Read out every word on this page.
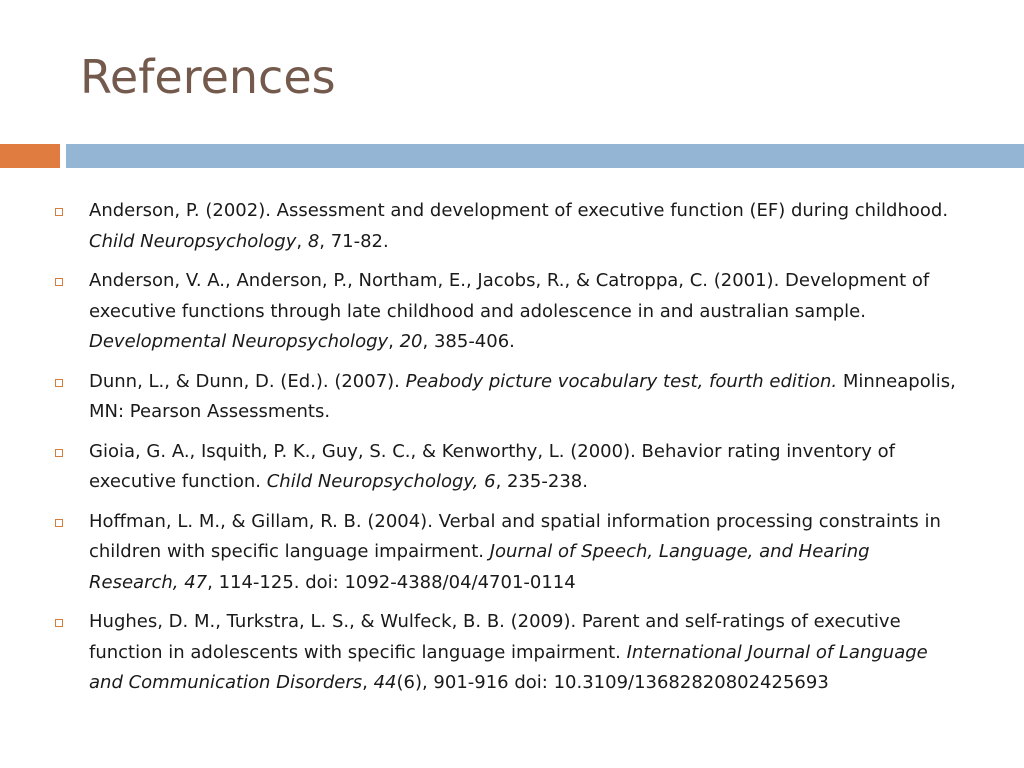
References
Anderson, P. (2002). Assessment and development of executive function (EF) during childhood. Child Neuropsychology, 8, 71-82.
Anderson, V. A., Anderson, P., Northam, E., Jacobs, R., & Catroppa, C. (2001). Development of executive functions through late childhood and adolescence in and australian sample. Developmental Neuropsychology, 20, 385-406.
Dunn, L., & Dunn, D. (Ed.). (2007). Peabody picture vocabulary test, fourth edition. Minneapolis, MN: Pearson Assessments.
Gioia, G. A., Isquith, P. K., Guy, S. C., & Kenworthy, L. (2000). Behavior rating inventory of executive function. Child Neuropsychology, 6, 235-238.
Hoffman, L. M., & Gillam, R. B. (2004). Verbal and spatial information processing constraints in children with specific language impairment. Journal of Speech, Language, and Hearing Research, 47, 114-125. doi: 1092-4388/04/4701-0114
Hughes, D. M., Turkstra, L. S., & Wulfeck, B. B. (2009). Parent and self-ratings of executive function in adolescents with specific language impairment. International Journal of Language and Communication Disorders, 44(6), 901-916 doi: 10.3109/13682820802425693
